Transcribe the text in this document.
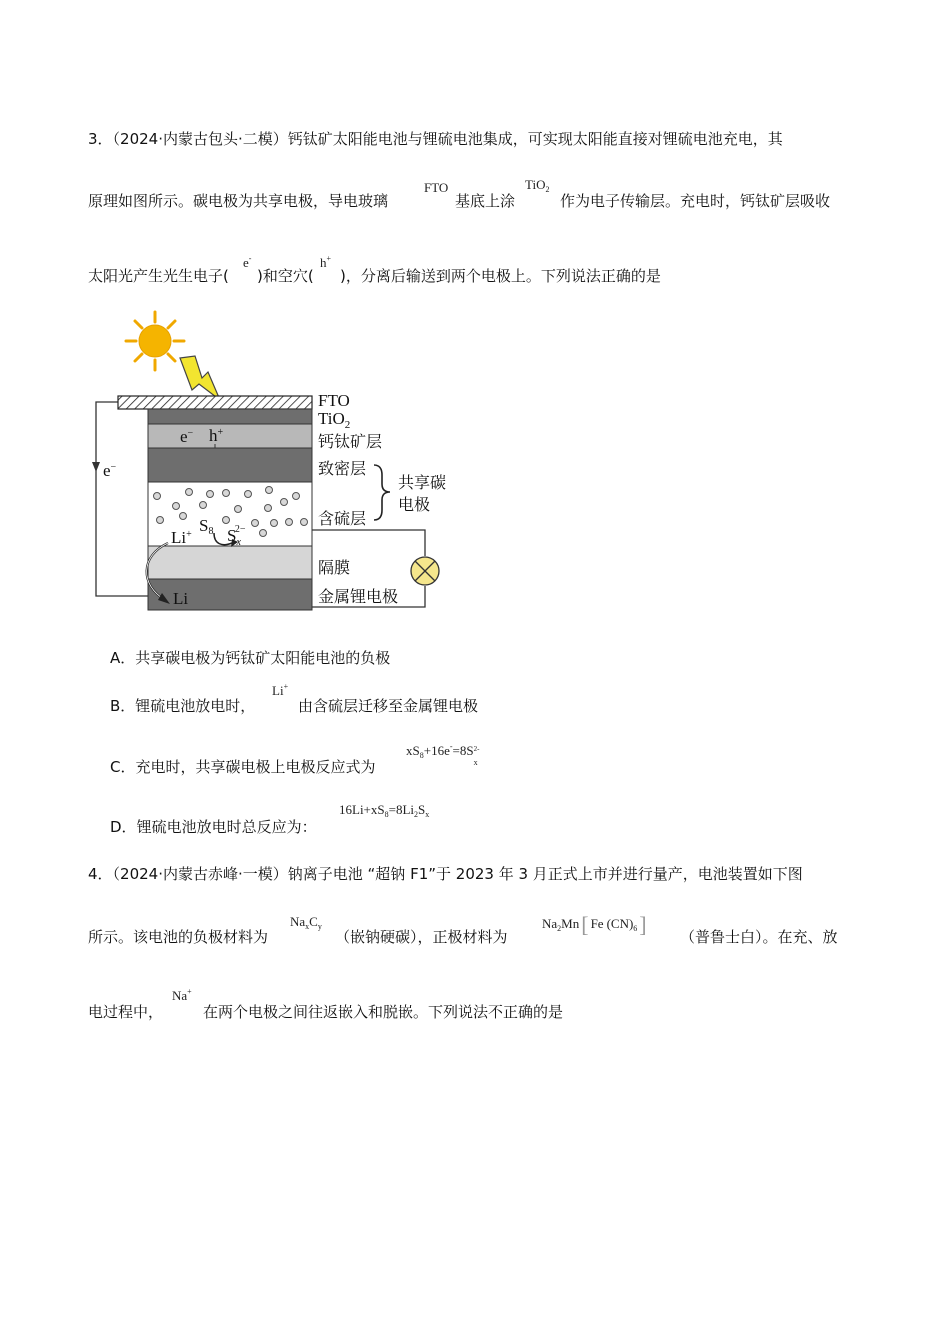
3．（2024·内蒙古包头·二模）钙钛矿太阳能电池与锂硫电池集成，可实现太阳能直接对锂硫电池充电，其
原理如图所示。碳电极为共享电极，导电玻璃
FTO
基底上涂
TiO$_2$
作为电子传输层。充电时，钙钛矿层吸收
太阳光产生光生电子(
e-
)和空穴(
h+
)，分离后输送到两个电极上。下列说法正确的是
FTO
TiO$_2$
钙钛矿层
致密层
含硫层
共享碳
电极
隔膜
金属锂电极
e−
e− h+
S8 $S_x2-$
Li+
Li
A．共享碳电极为钙钛矿太阳能电池的负极
B．锂硫电池放电时，
Li+
由含硫层迁移至金属锂电极
C．充电时，共享碳电极上电极反应式为
$xS_8+16e^-=8S$ 2-
x
D．锂硫电池放电时总反应为：
$16Li+xS_8=8Li_2S_x$
4．（2024·内蒙古赤峰·一模）钠离子电池 “超钠 F1”于 2023 年 3 月正式上市并进行量产，电池装置如下图
所示。该电池的负极材料为
$Na_xC_y$
（嵌钠硬碳），正极材料为
$Na_2Mn$[ Fe $(CN)_6$] （普鲁士白）。在充、放
电过程中，
Na+
在两个电极之间往返嵌入和脱嵌。下列说法不正确的是
